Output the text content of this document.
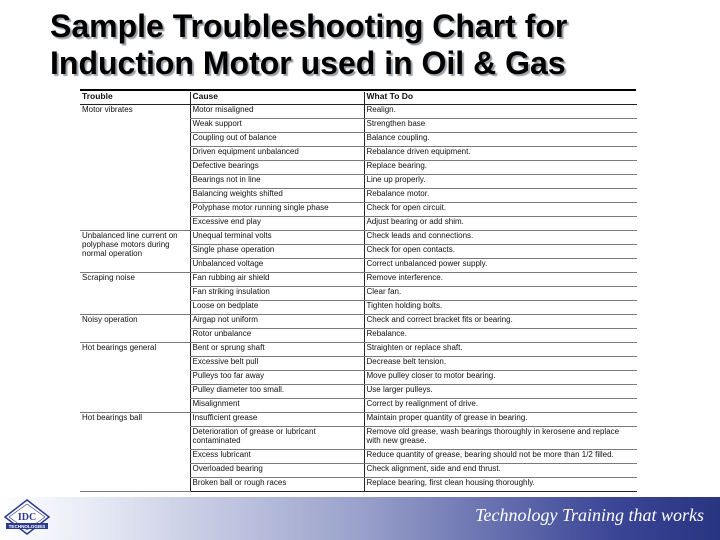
Sample Troubleshooting Chart for
Induction Motor used in Oil & Gas
Trouble	Cause	What To Do
Motor vibrates	Motor misaligned	Realign.
	Weak support	Strengthen base
	Coupling out of balance	Balance coupling.
	Driven equipment unbalanced	Rebalance driven equipment.
	Defective bearings	Replace bearing.
	Bearings not in line	Line up properly.
	Balancing weights shifted	Rebalance motor.
	Polyphase motor running single phase	Check for open circuit.
	Excessive end play	Adjust bearing or add shim.
Unbalanced line current on polyphase motors during normal operation	Unequal terminal volts	Check leads and connections.
	Single phase operation	Check for open contacts.
	Unbalanced voltage	Correct unbalanced power supply.
Scraping noise	Fan rubbing air shield	Remove interference.
	Fan striking insulation	Clear fan.
	Loose on bedplate	Tighten holding bolts.
Noisy operation	Airgap not uniform	Check and correct bracket fits or bearing.
	Rotor unbalance	Rebalance.
Hot bearings general	Bent or sprung shaft	Straighten or replace shaft.
	Excessive belt pull	Decrease belt tension.
	Pulleys too far away	Move pulley closer to motor bearing.
	Pulley diameter too small.	Use larger pulleys.
	Misalignment	Correct by realignment of drive.
Hot bearings ball	Insufficient grease	Maintain proper quantity of grease in bearing.
	Deterioration of grease or lubricant contaminated	Remove old grease, wash bearings thoroughly in kerosene and replace with new grease.
	Excess lubricant	Reduce quantity of grease, bearing should not be more than 1/2 filled.
	Overloaded bearing	Check alignment, side and end thrust.
	Broken ball or rough races	Replace bearing, first clean housing thoroughly.
IDC
TECHNOLOGIES
Technology Training that works
